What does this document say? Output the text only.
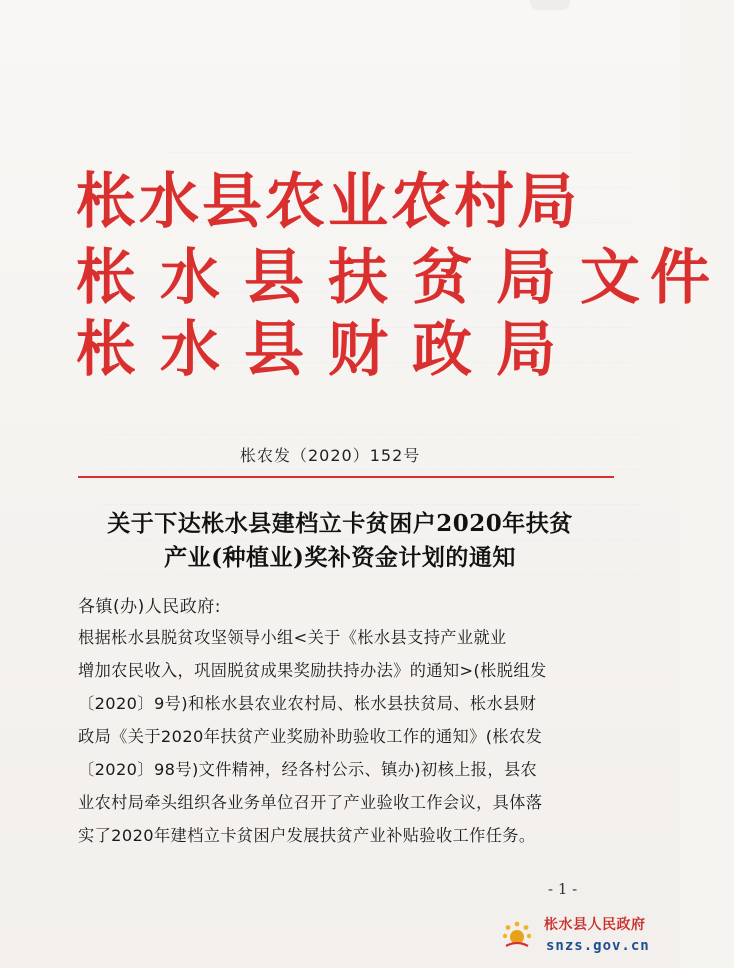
枨水县农业农村局
枨 水 县 扶 贫 局 文件
枨 水 县 财 政 局
枨农发（2020）152号
关于下达枨水县建档立卡贫困户2020年扶贫
产业(种植业)奖补资金计划的通知
各镇(办)人民政府:
根据枨水县脱贫攻坚领导小组<关于《枨水县支持产业就业
增加农民收入，巩固脱贫成果奖励扶持办法》的通知>(枨脱组发
〔2020〕9号)和枨水县农业农村局、枨水县扶贫局、枨水县财
政局《关于2020年扶贫产业奖励补助验收工作的通知》(枨农发
〔2020〕98号)文件精神，经各村公示、镇办)初核上报，县农
业农村局牵头组织各业务单位召开了产业验收工作会议，具体落
实了2020年建档立卡贫困户发展扶贫产业补贴验收工作任务。
- 1 -
枨水县人民政府
snzs.gov.cn
